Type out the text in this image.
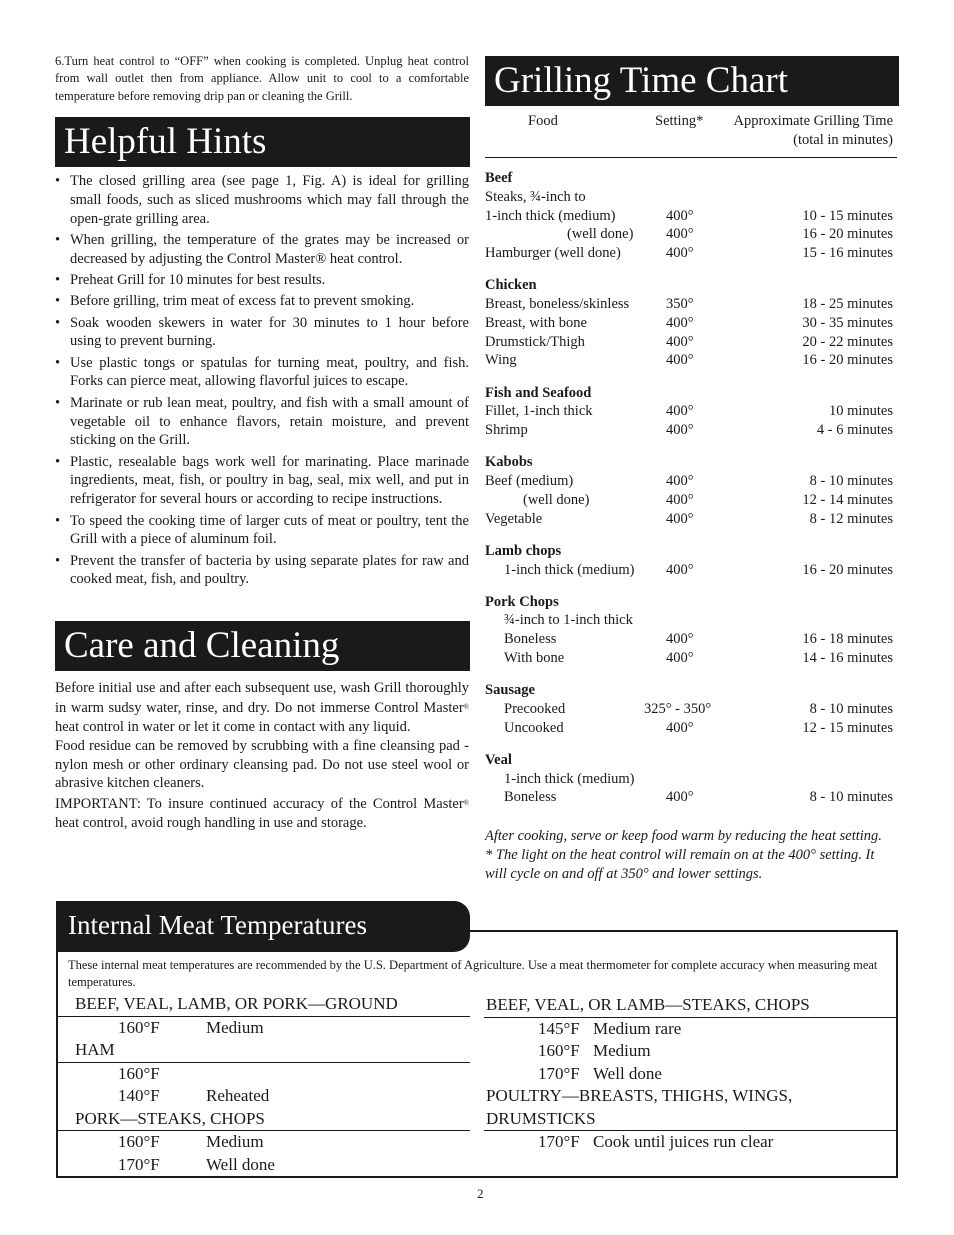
6.Turn heat control to “OFF” when cooking is completed. Unplug heat control from wall outlet then from appliance. Allow unit to cool to a comfortable temperature before removing drip pan or cleaning the Grill.

Helpful Hints
• The closed grilling area (see page 1, Fig. A) is ideal for grilling small foods, such as sliced mushrooms which may fall through the open-grate grilling area.
• When grilling, the temperature of the grates may be increased or decreased by adjusting the Control Master® heat control.
• Preheat Grill for 10 minutes for best results.
• Before grilling, trim meat of excess fat to prevent smoking.
• Soak wooden skewers in water for 30 minutes to 1 hour before using to prevent burning.
• Use plastic tongs or spatulas for turning meat, poultry, and fish. Forks can pierce meat, allowing flavorful juices to escape.
• Marinate or rub lean meat, poultry, and fish with a small amount of vegetable oil to enhance flavors, retain moisture, and prevent sticking on the Grill.
• Plastic, resealable bags work well for marinating. Place marinade ingredients, meat, fish, or poultry in bag, seal, mix well, and put in refrigerator for several hours or according to recipe instructions.
• To speed the cooking time of larger cuts of meat or poultry, tent the Grill with a piece of aluminum foil.
• Prevent the transfer of bacteria by using separate plates for raw and cooked meat, fish, and poultry.
Care and Cleaning

Before initial use and after each subsequent use, wash Grill thoroughly in warm sudsy water, rinse, and dry. Do not immerse Control Master® heat control in water or let it come in contact with any liquid.

Food residue can be removed by scrubbing with a fine cleansing pad - nylon mesh or other ordinary cleansing pad. Do not use steel wool or abrasive kitchen cleaners.

IMPORTANT: To insure continued accuracy of the Control Master® heat control, avoid rough handling in use and storage.

Grilling Time Chart
Food	Setting* Approximate Grilling Time
(total in minutes)
Beef
Steaks, ¾-inch to
1-inch thick (medium)	400°	10 - 15 minutes
(well done) 400°	16 - 20 minutes
Hamburger (well done)	400°	15 - 16 minutes
Chicken
Breast, boneless/skinless	350°	18 - 25 minutes
Breast, with bone	400°	30 - 35 minutes
Drumstick/Thigh	400°	20 - 22 minutes
Wing	400°	16 - 20 minutes
Fish and Seafood
Fillet, 1-inch thick	400°	10 minutes
Shrimp	400°	4 - 6 minutes
Kabobs
Beef (medium)	400°	8 - 10 minutes
(well done)	400°	12 - 14 minutes
Vegetable	400°	8 - 12 minutes
Lamb chops
1-inch thick (medium) 400°	16 - 20 minutes
Pork Chops
¾-inch to 1-inch thick
Boneless	400°	16 - 18 minutes
With bone	400°	14 - 16 minutes
Sausage
Precooked	325° - 350°	8 - 10 minutes
Uncooked	400°	12 - 15 minutes
Veal
1-inch thick (medium)
Boneless	400°	8 - 10 minutes

After cooking, serve or keep food warm by reducing the heat setting.

* The light on the heat control will remain on at the 400° setting. It will cycle on and off at 350° and lower settings.

Internal Meat Temperatures

These internal meat temperatures are recommended by the U.S. Department of Agriculture. Use a meat thermometer for complete accuracy when measuring meat temperatures.

BEEF, VEAL, LAMB, OR PORK—GROUND
160°F	Medium
HAM
160°F
140°F	Reheated
PORK—STEAKS, CHOPS
160°F	Medium
170°F	Well done
BEEF, VEAL, OR LAMB—STEAKS, CHOPS
145°F Medium rare
160°F Medium
170°F Well done
POULTRY—BREASTS, THIGHS, WINGS,
DRUMSTICKS
170°F Cook until juices run clear
2
